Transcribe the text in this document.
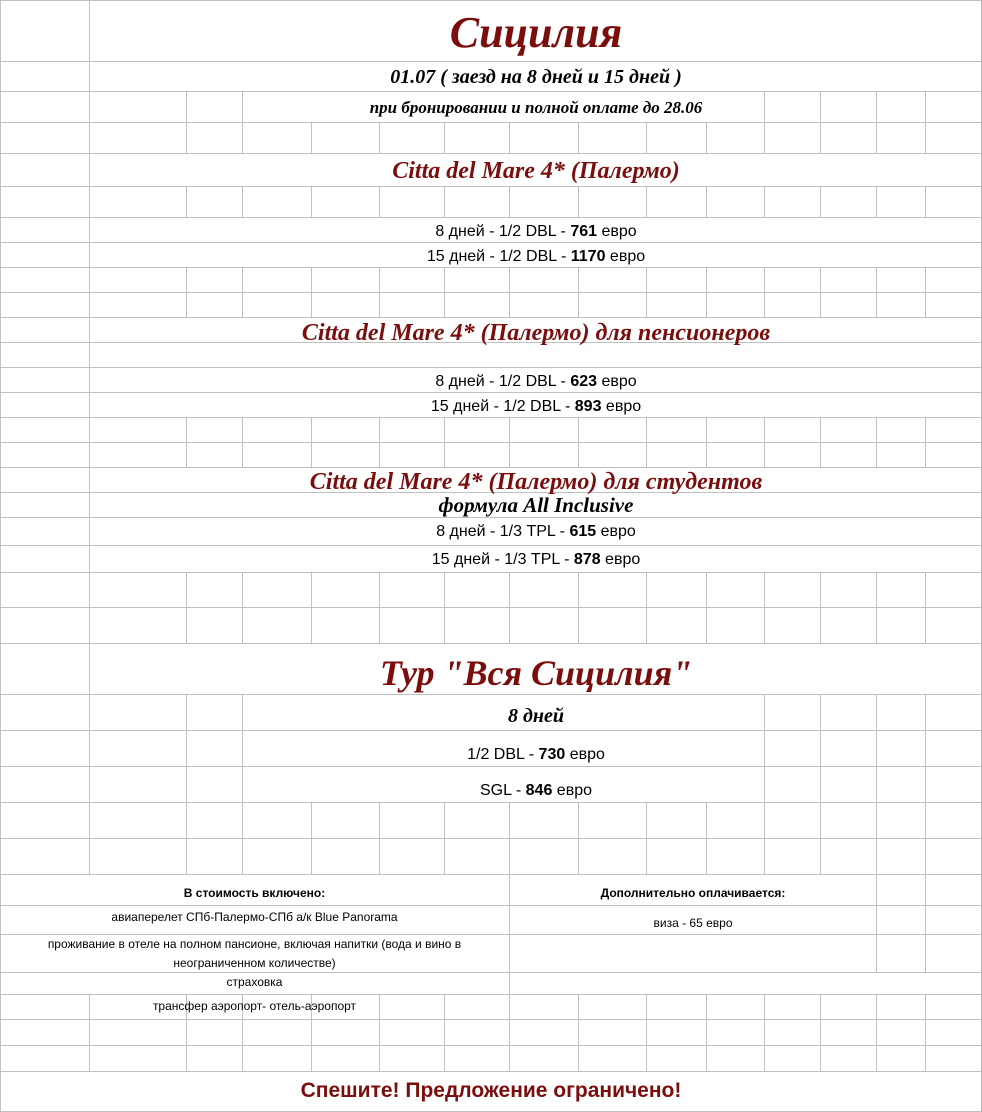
Сицилия
01.07 ( заезд на 8 дней и 15 дней )
при бронировании и полной оплате до 28.06
Citta del Mare 4* (Палермо)
8 дней - 1/2 DBL - 761 евро
15 дней - 1/2 DBL - 1170 евро
Citta del Mare 4* (Палермо) для пенсионеров
8 дней - 1/2 DBL - 623 евро
15 дней - 1/2 DBL - 893 евро
Citta del Mare 4* (Палермо) для студентов
формула All Inclusive
8 дней - 1/3 TPL - 615 евро
15 дней - 1/3 TPL - 878 евро
Тур "Вся Сицилия"
8 дней
1/2 DBL - 730 евро
SGL - 846 евро
В стоимость включено:	Дополнительно оплачивается:
авиаперелет СПб-Палермо-СПб а/к Blue Panorama	виза - 65 евро
проживание в отеле на полном пансионе, включая напитки (вода и вино в неограниченном количестве)
страховка
трансфер аэропорт- отель-аэропорт
Спешите! Предложение ограничено!
